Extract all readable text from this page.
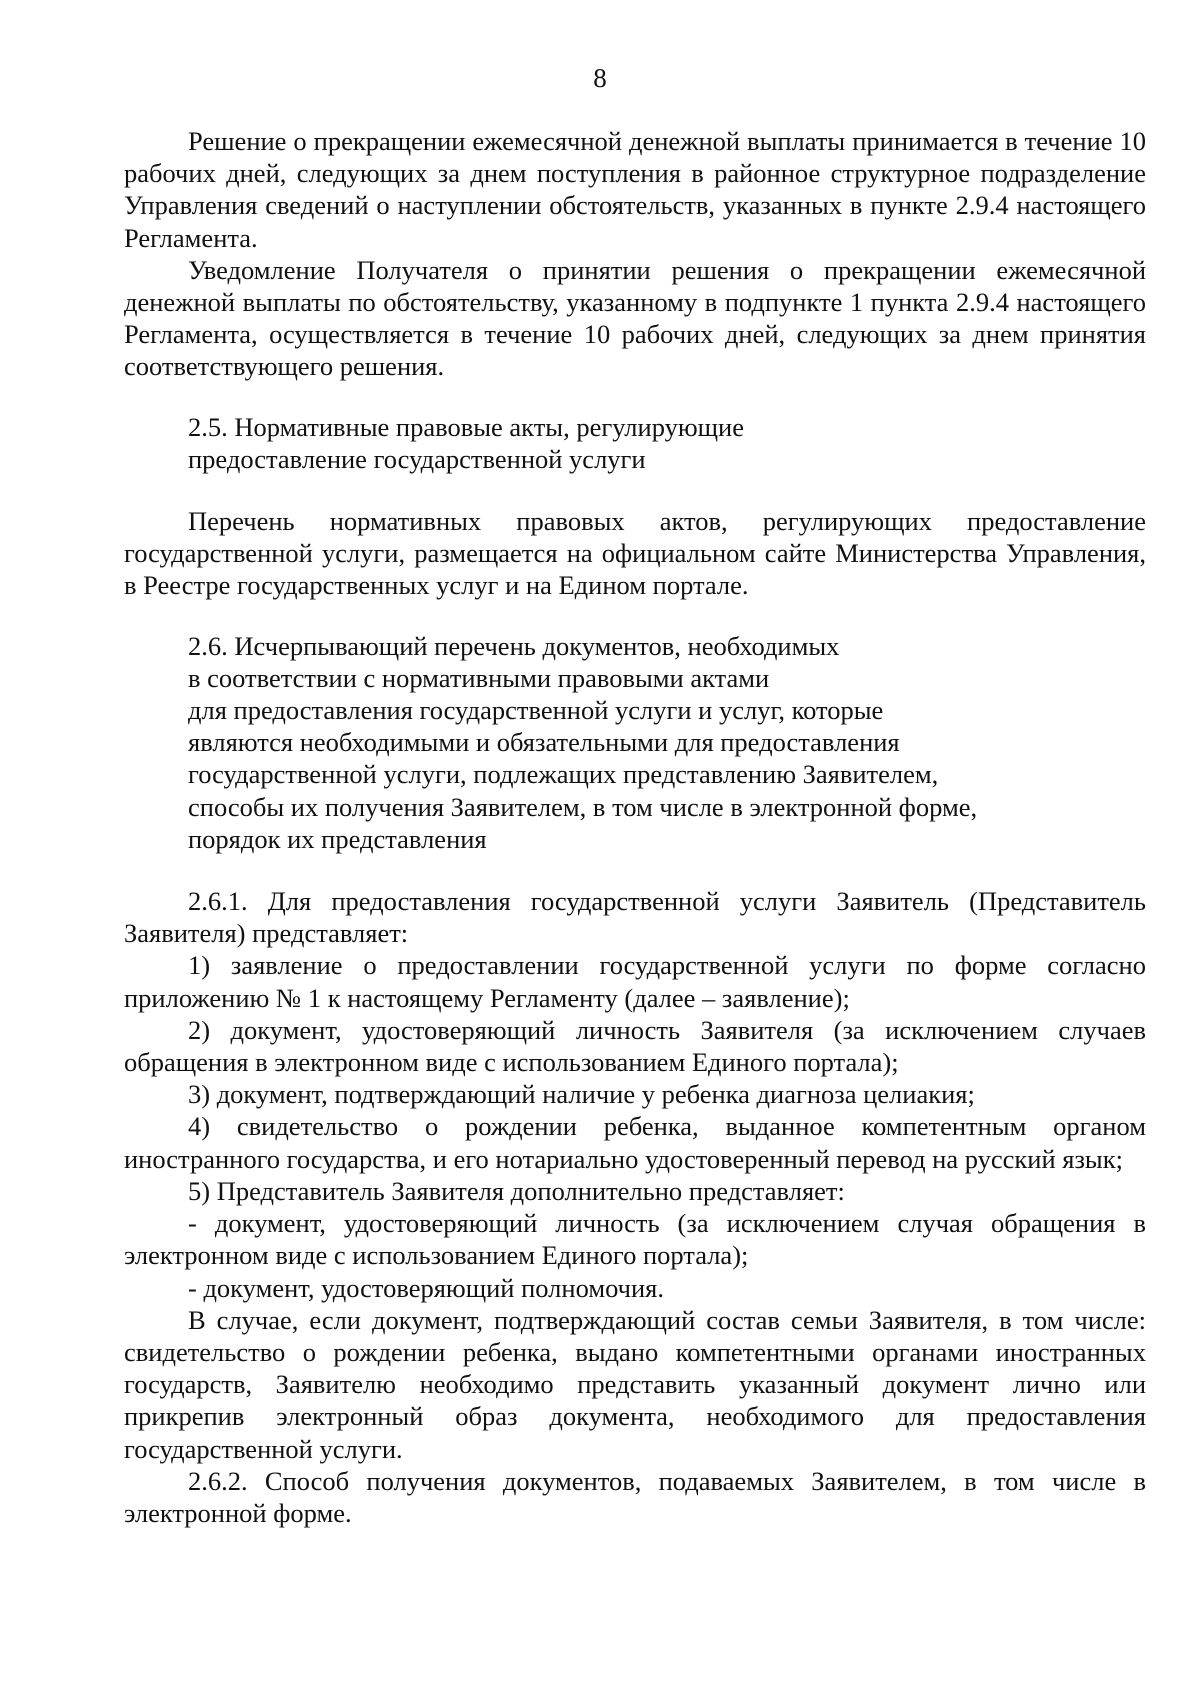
8

Решение о прекращении ежемесячной денежной выплаты принимается в течение 10 рабочих дней, следующих за днем поступления в районное структурное подразделение Управления сведений о наступлении обстоятельств, указанных в пункте 2.9.4 настоящего Регламента.

Уведомление Получателя о принятии решения о прекращении ежемесячной денежной выплаты по обстоятельству, указанному в подпункте 1 пункта 2.9.4 настоящего Регламента, осуществляется в течение 10 рабочих дней, следующих за днем принятия соответствующего решения.

2.5. Нормативные правовые акты, регулирующие

предоставление государственной услуги

Перечень нормативных правовых актов, регулирующих предоставление государственной услуги, размещается на официальном сайте Министерства Управления, в Реестре государственных услуг и на Едином портале.

2.6. Исчерпывающий перечень документов, необходимых

в соответствии с нормативными правовыми актами

для предоставления государственной услуги и услуг, которые

являются необходимыми и обязательными для предоставления

государственной услуги, подлежащих представлению Заявителем,

способы их получения Заявителем, в том числе в электронной форме,

порядок их представления

2.6.1. Для предоставления государственной услуги Заявитель (Представитель Заявителя) представляет:

1) заявление о предоставлении государственной услуги по форме согласно приложению № 1 к настоящему Регламенту (далее – заявление);

2) документ, удостоверяющий личность Заявителя (за исключением случаев обращения в электронном виде с использованием Единого портала);

3) документ, подтверждающий наличие у ребенка диагноза целиакия;

4) свидетельство о рождении ребенка, выданное компетентным органом иностранного государства, и его нотариально удостоверенный перевод на русский язык;

5) Представитель Заявителя дополнительно представляет:

- документ, удостоверяющий личность (за исключением случая обращения в электронном виде с использованием Единого портала);

- документ, удостоверяющий полномочия.

В случае, если документ, подтверждающий состав семьи Заявителя, в том числе: свидетельство о рождении ребенка, выдано компетентными органами иностранных государств, Заявителю необходимо представить указанный документ лично или прикрепив электронный образ документа, необходимого для предоставления государственной услуги.

2.6.2. Способ получения документов, подаваемых Заявителем, в том числе в электронной форме.
